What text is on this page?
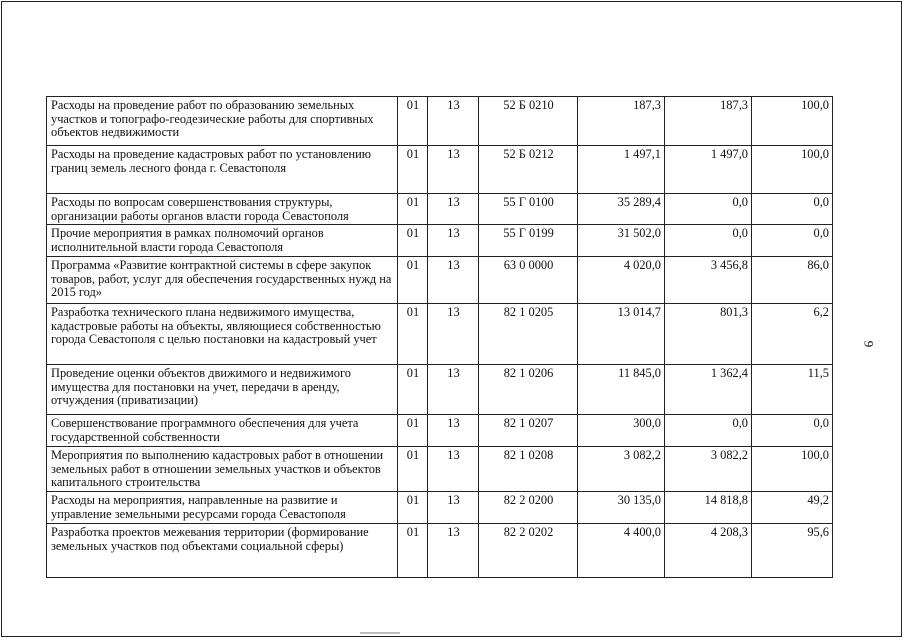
Расходы на проведение работ по образованию земельных участков и топографо-геодезические работы для спортивных объектов недвижимости	01	13	52 Б 0210	187,3	187,3	100,0
Расходы на проведение кадастровых работ по установлению границ земель лесного фонда г. Севастополя	01	13	52 Б 0212	1 497,1	1 497,0	100,0
Расходы по вопросам совершенствования структуры, организации работы органов власти города Севастополя	01	13	55 Г 0100	35 289,4	0,0	0,0
Прочие мероприятия в рамках полномочий органов исполнительной власти города Севастополя	01	13	55 Г 0199	31 502,0	0,0	0,0
Программа «Развитие контрактной системы в сфере закупок товаров, работ, услуг для обеспечения государственных нужд на 2015 год»	01	13	63 0 0000	4 020,0	3 456,8	86,0
Разработка технического плана недвижимого имущества, кадастровые работы на объекты, являющиеся собственностью города Севастополя с целью постановки на кадастровый учет	01	13	82 1 0205	13 014,7	801,3	6,2
Проведение оценки объектов движимого и недвижимого имущества для постановки на учет, передачи в аренду, отчуждения (приватизации)	01	13	82 1 0206	11 845,0	1 362,4	11,5
Совершенствование программного обеспечения для учета государственной собственности	01	13	82 1 0207	300,0	0,0	0,0
Мероприятия по выполнению кадастровых работ в отношении земельных работ в отношении земельных участков и объектов капитального строительства	01	13	82 1 0208	3 082,2	3 082,2	100,0
Расходы на мероприятия, направленные на развитие и управление земельными ресурсами города Севастополя	01	13	82 2 0200	30 135,0	14 818,8	49,2
Разработка проектов межевания территории (формирование земельных участков под объектами социальной сферы)	01	13	82 2 0202	4 400,0	4 208,3	95,6
9
